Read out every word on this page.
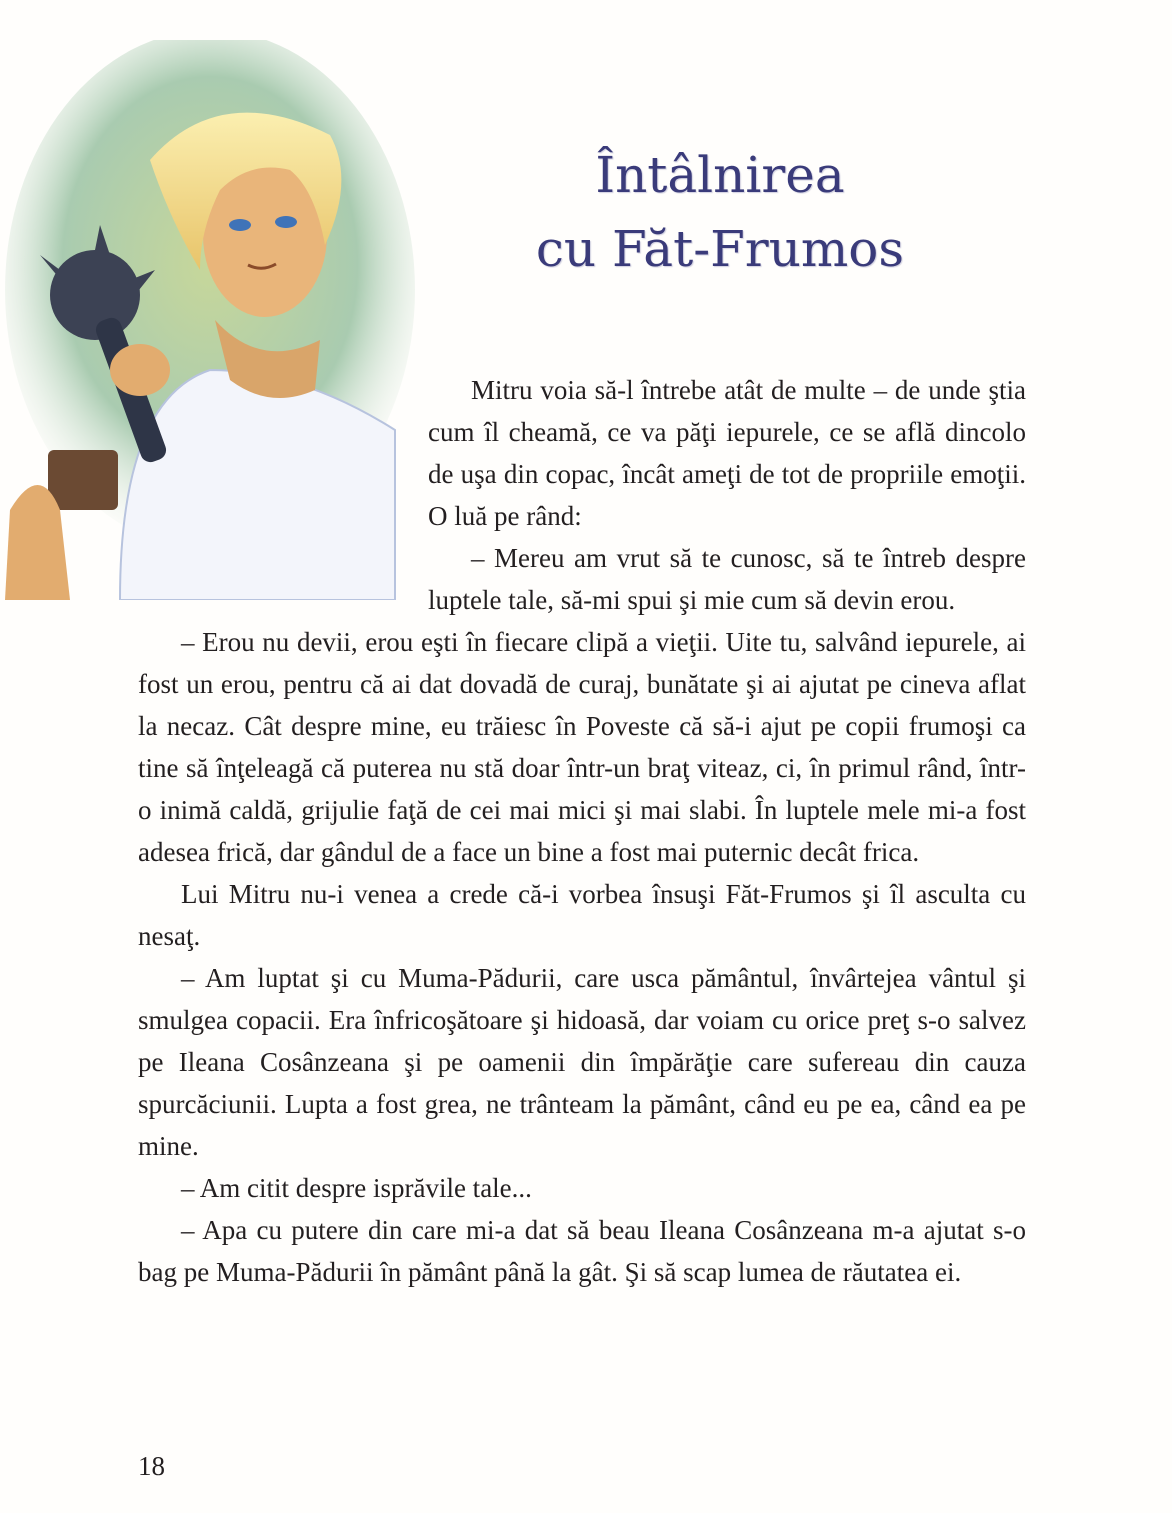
Întâlnirea
cu Făt-Frumos

Mitru voia să-l întrebe atât de multe – de unde ştia cum îl cheamă, ce va păţi iepurele, ce se află dincolo de uşa din copac, încât ameţi de tot de propriile emoţii. O luă pe rând:

– Mereu am vrut să te cunosc, să te întreb despre luptele tale, să-mi spui şi mie cum să devin erou.

– Erou nu devii, erou eşti în fiecare clipă a vieţii. Uite tu, salvând iepurele, ai fost un erou, pentru că ai dat dovadă de curaj, bunătate şi ai ajutat pe cineva aflat la necaz. Cât despre mine, eu trăiesc în Poveste că să-i ajut pe copii frumoşi ca tine să înţeleagă că puterea nu stă doar într-un braţ viteaz, ci, în primul rând, într-o inimă caldă, grijulie faţă de cei mai mici şi mai slabi. În luptele mele mi-a fost adesea frică, dar gândul de a face un bine a fost mai puternic decât frica.

Lui Mitru nu-i venea a crede că-i vorbea însuşi Făt-Frumos şi îl asculta cu nesaţ.

– Am luptat şi cu Muma-Pădurii, care usca pământul, învârtejea vântul şi smulgea copacii. Era înfricoşătoare şi hidoasă, dar voiam cu orice preţ s-o salvez pe Ileana Cosânzeana şi pe oamenii din împărăţie care sufereau din cauza spurcăciunii. Lupta a fost grea, ne trânteam la pământ, când eu pe ea, când ea pe mine.

– Am citit despre isprăvile tale...

– Apa cu putere din care mi-a dat să beau Ileana Cosânzeana m-a ajutat s-o bag pe Muma-Pădurii în pământ până la gât. Şi să scap lumea de răutatea ei.

18
